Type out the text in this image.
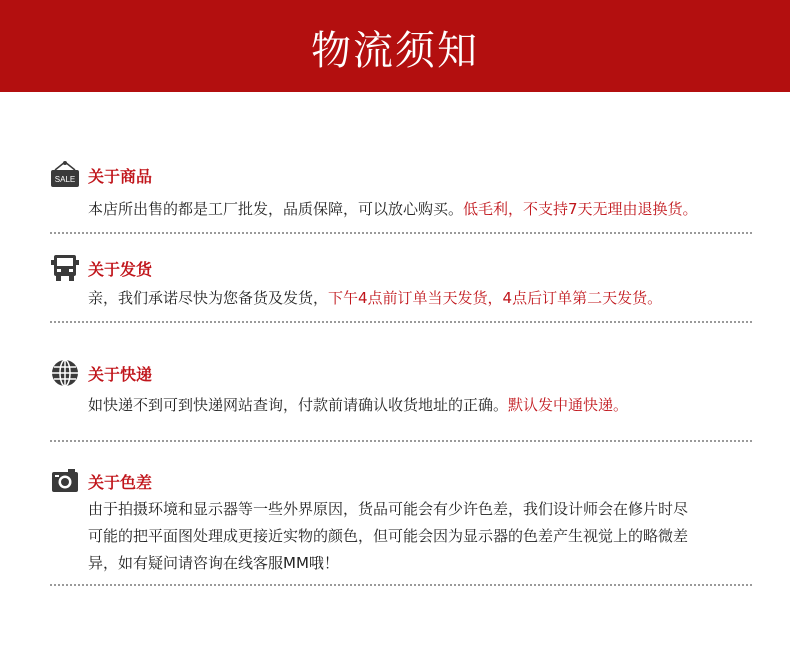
物流须知
SALE 关于商品
本店所出售的都是工厂批发，品质保障，可以放心购买。低毛利，不支持7天无理由退换货。
关于发货
亲，我们承诺尽快为您备货及发货，下午4点前订单当天发货，4点后订单第二天发货。
关于快递
如快递不到可到快递网站查询，付款前请确认收货地址的正确。默认发中通快递。
关于色差
由于拍摄环境和显示器等一些外界原因，货品可能会有少许色差，我们设计师会在修片时尽
可能的把平面图处理成更接近实物的颜色，但可能会因为显示器的色差产生视觉上的略微差
异，如有疑问请咨询在线客服MM哦！
